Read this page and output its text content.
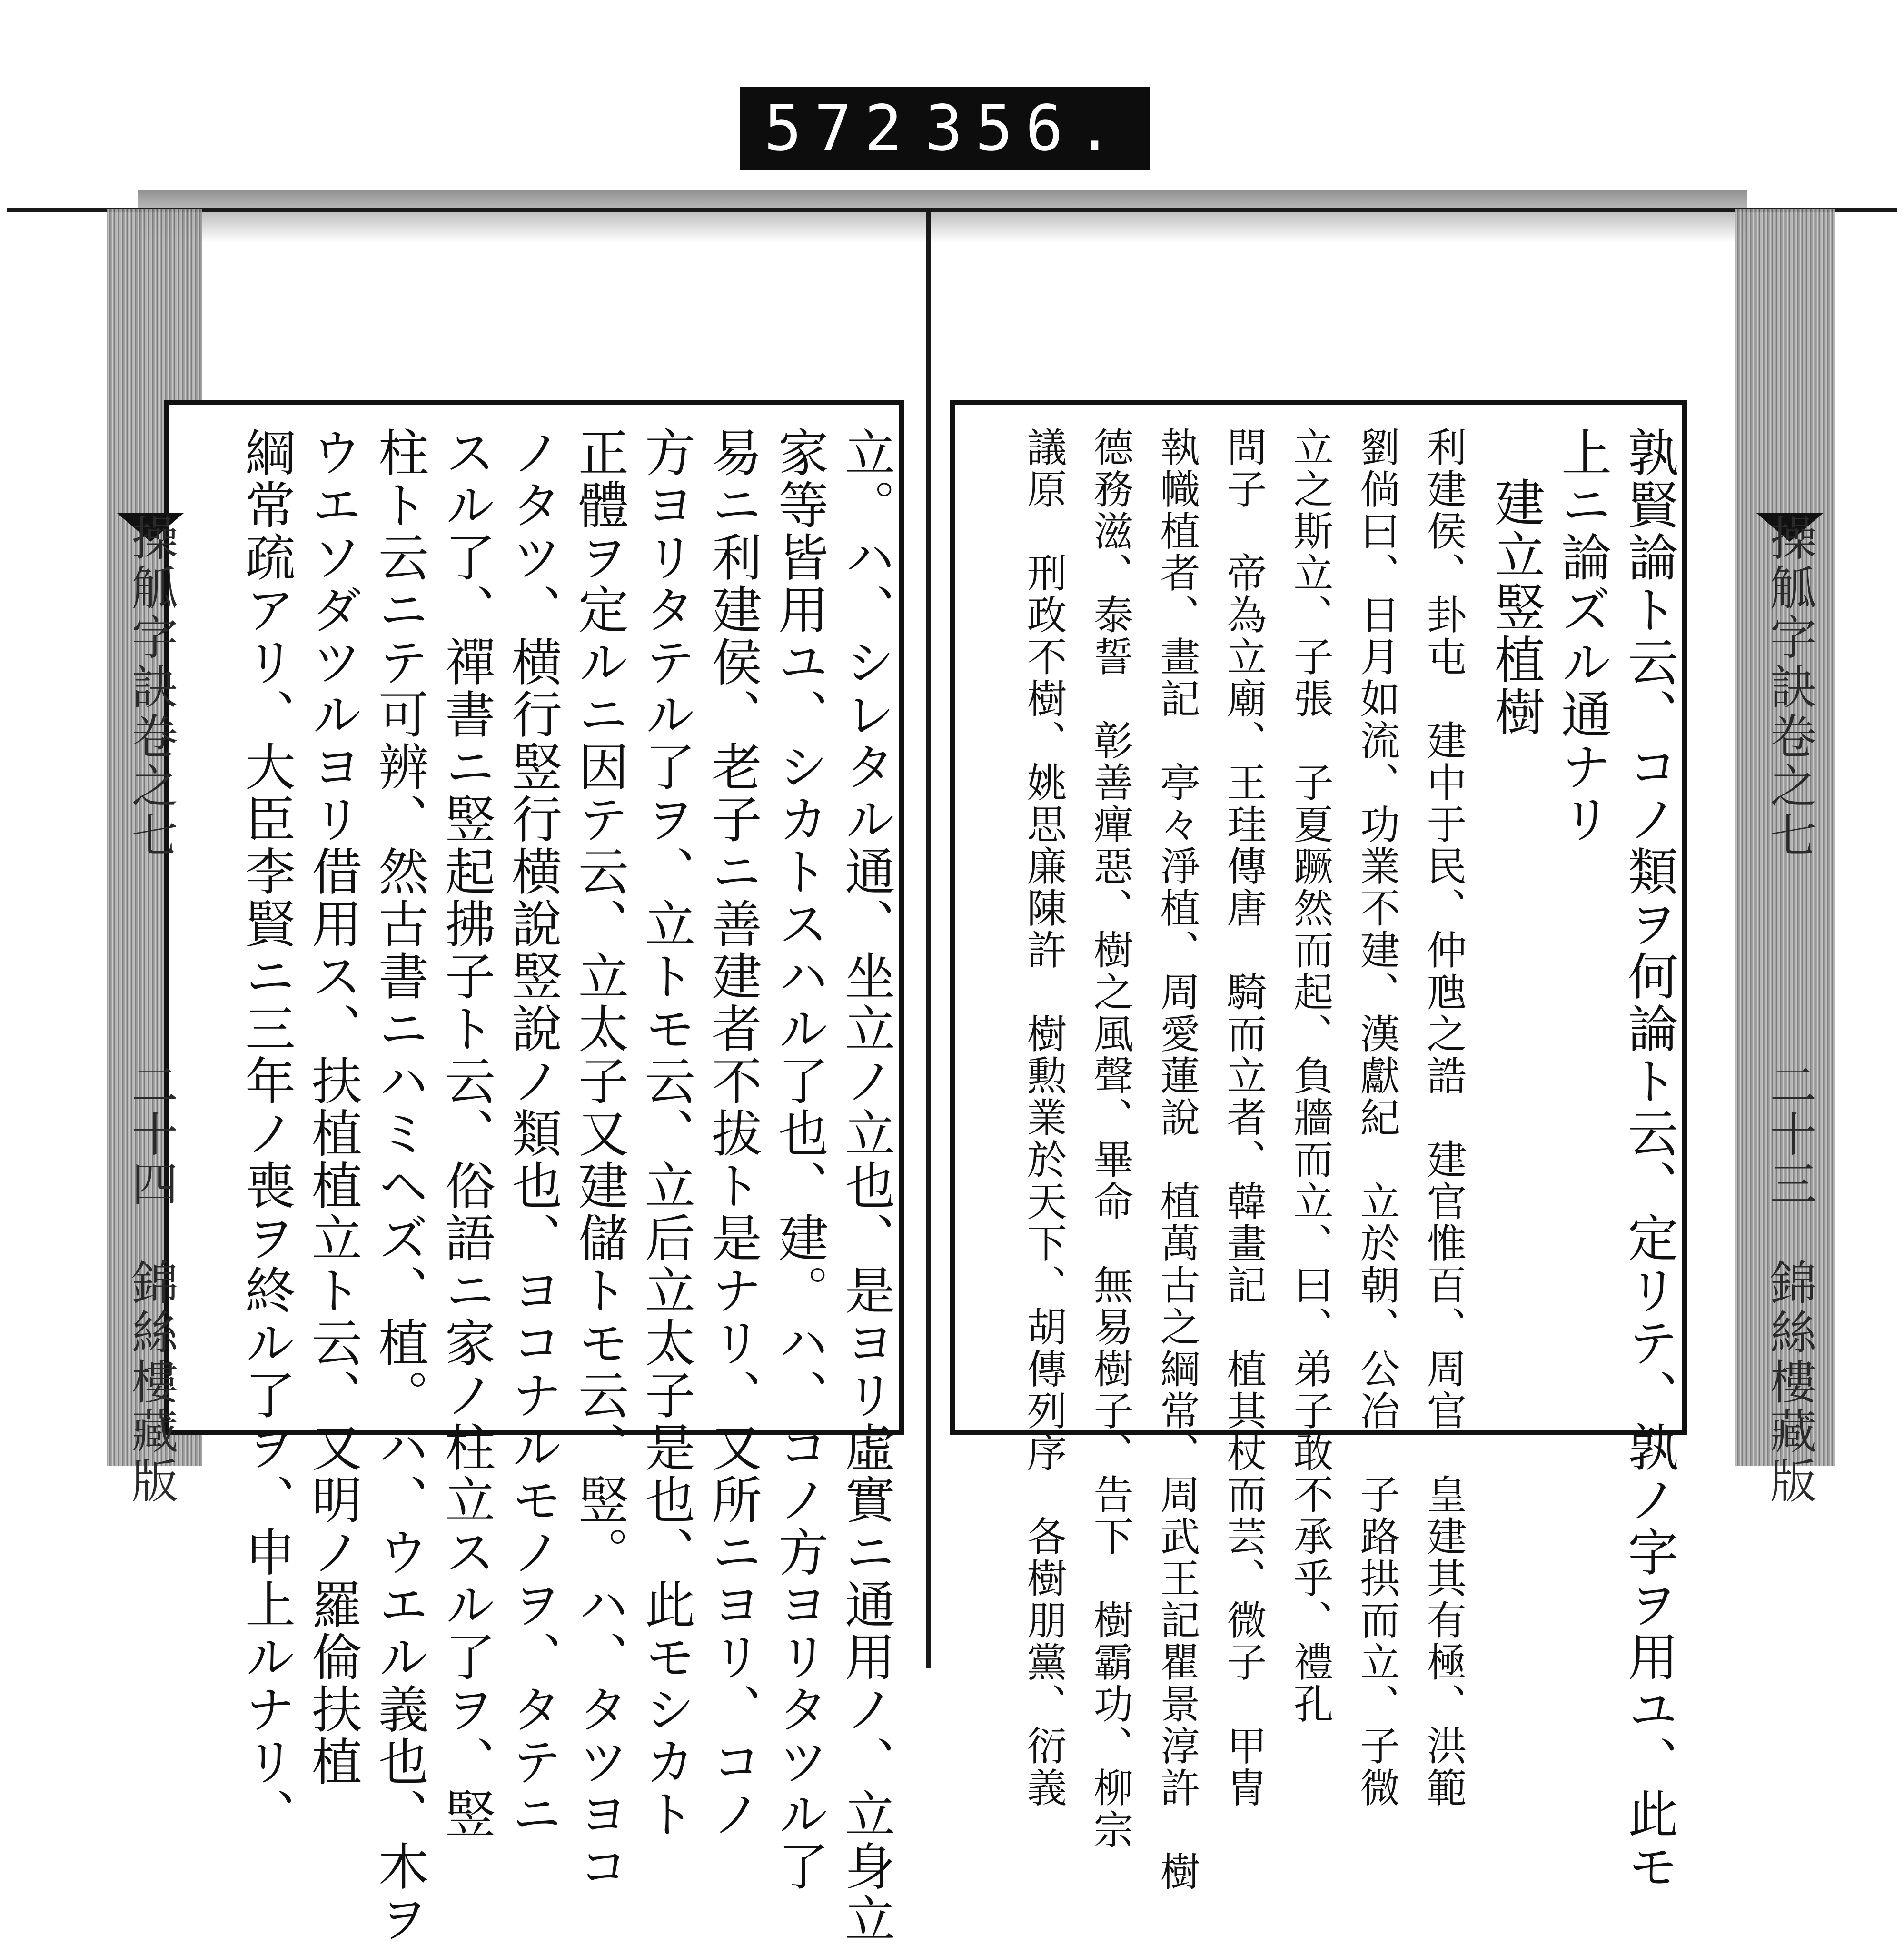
572 356.
立。ハ、シレタル通、坐立ノ立也、是ヨリ虛實ニ通用ノ、立身立
家等皆用ユ、シカトスハル了也、建。ハ、コノ方ヨリタツル了
易ニ利建侯、老子ニ善建者不拔ト是ナリ、又所ニヨリ、コノ
方ヨリタテル了ヲ、立トモ云、立后立太子是也、此モシカト
正體ヲ定ルニ因テ云、立太子又建儲トモ云、竪。ハ、タツヨコ
ノタツ、横行竪行横說竪說ノ類也、ヨコナルモノヲ、タテニ
スル了、禪書ニ竪起拂子ト云、俗語ニ家ノ柱立スル了ヲ、竪
柱ト云ニテ可辨、然古書ニハミヘズ、植。ハ、ウエル義也、木ヲ
ウエソダツルヨリ借用ス、扶植植立ト云、又明ノ羅倫扶植
綱常疏アリ、大臣李賢ニ三年ノ喪ヲ終ル了ヲ、申上ルナリ、	孰賢論ト云、コノ類ヲ何論ト云、定リテ、孰ノ字ヲ用ユ、此モ
上ニ論ズル通ナリ
建立竪植樹
利建侯、卦屯　建中于民、仲虺之誥　建官惟百、周官　皇建其有極、洪範
劉倘曰、日月如流、功業不建、漢獻紀　立於朝、公冶　子路拱而立、子微
立之斯立、子張　子夏蹶然而起、負牆而立、曰、弟子敢不承乎、禮孔
問子　帝為立廟、王珪傳唐　騎而立者、韓畫記　植其杖而芸、微子　甲冑
執幟植者、畫記　亭々淨植、周愛蓮說　植萬古之綱常、周武王記瞿景淳許　樹
德務滋、泰誓　彰善癉惡、樹之風聲、畢命　無易樹子、告下　樹霸功、柳宗
議原　刑政不樹、姚思廉陳許　樹勲業於天下、胡傳列序　各樹朋黨、衍義
操觚字訣卷之七二十四　錦絲樓藏版
操觚字訣卷之七二十三　錦絲樓藏版
